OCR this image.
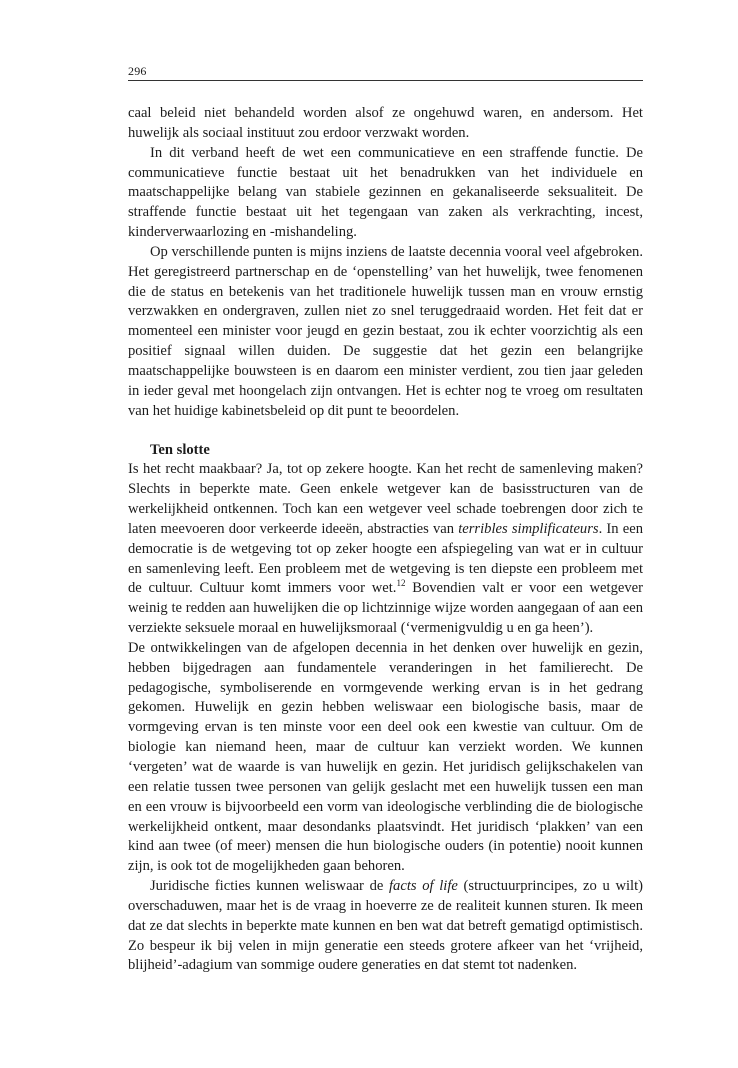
296

caal beleid niet behandeld worden alsof ze ongehuwd waren, en andersom. Het huwelijk als sociaal instituut zou erdoor verzwakt worden.

In dit verband heeft de wet een communicatieve en een straffende functie. De communicatieve functie bestaat uit het benadrukken van het individuele en maatschappelijke belang van stabiele gezinnen en gekanaliseerde seksualiteit. De straffende functie bestaat uit het tegengaan van zaken als verkrachting, incest, kinderverwaarlozing en -mishandeling.

Op verschillende punten is mijns inziens de laatste decennia vooral veel afgebroken. Het geregistreerd partnerschap en de ‘openstelling’ van het huwelijk, twee fenomenen die de status en betekenis van het traditionele huwelijk tussen man en vrouw ernstig verzwakken en ondergraven, zullen niet zo snel teruggedraaid worden. Het feit dat er momenteel een minister voor jeugd en gezin bestaat, zou ik echter voorzichtig als een positief signaal willen duiden. De suggestie dat het gezin een belangrijke maatschappelijke bouwsteen is en daarom een minister verdient, zou tien jaar geleden in ieder geval met hoongelach zijn ontvangen. Het is echter nog te vroeg om resultaten van het huidige kabinetsbeleid op dit punt te beoordelen.

Ten slotte

Is het recht maakbaar? Ja, tot op zekere hoogte. Kan het recht de samenleving maken? Slechts in beperkte mate. Geen enkele wetgever kan de basisstructuren van de werkelijkheid ontkennen. Toch kan een wetgever veel schade toebrengen door zich te laten meevoeren door verkeerde ideeën, abstracties van terribles simplificateurs. In een democratie is de wetgeving tot op zeker hoogte een afspiegeling van wat er in cultuur en samenleving leeft. Een probleem met de wetgeving is ten diepste een probleem met de cultuur. Cultuur komt immers voor wet.$^{12}$ Bovendien valt er voor een wetgever weinig te redden aan huwelijken die op lichtzinnige wijze worden aangegaan of aan een verziekte seksuele moraal en huwelijksmoraal (‘vermenigvuldig u en ga heen’).

De ontwikkelingen van de afgelopen decennia in het denken over huwelijk en gezin, hebben bijgedragen aan fundamentele veranderingen in het familierecht. De pedagogische, symboliserende en vormgevende werking ervan is in het gedrang gekomen. Huwelijk en gezin hebben weliswaar een biologische basis, maar de vormgeving ervan is ten minste voor een deel ook een kwestie van cultuur. Om de biologie kan niemand heen, maar de cultuur kan verziekt worden. We kunnen ‘vergeten’ wat de waarde is van huwelijk en gezin. Het juridisch gelijkschakelen van een relatie tussen twee personen van gelijk geslacht met een huwelijk tussen een man en een vrouw is bijvoorbeeld een vorm van ideologische verblinding die de biologische werkelijkheid ontkent, maar desondanks plaatsvindt. Het juridisch ‘plakken’ van een kind aan twee (of meer) mensen die hun biologische ouders (in potentie) nooit kunnen zijn, is ook tot de mogelijkheden gaan behoren.

Juridische ficties kunnen weliswaar de facts of life (structuurprincipes, zo u wilt) overschaduwen, maar het is de vraag in hoeverre ze de realiteit kunnen sturen. Ik meen dat ze dat slechts in beperkte mate kunnen en ben wat dat betreft gematigd optimistisch. Zo bespeur ik bij velen in mijn generatie een steeds grotere afkeer van het ‘vrijheid, blijheid’-adagium van sommige oudere generaties en dat stemt tot nadenken.
